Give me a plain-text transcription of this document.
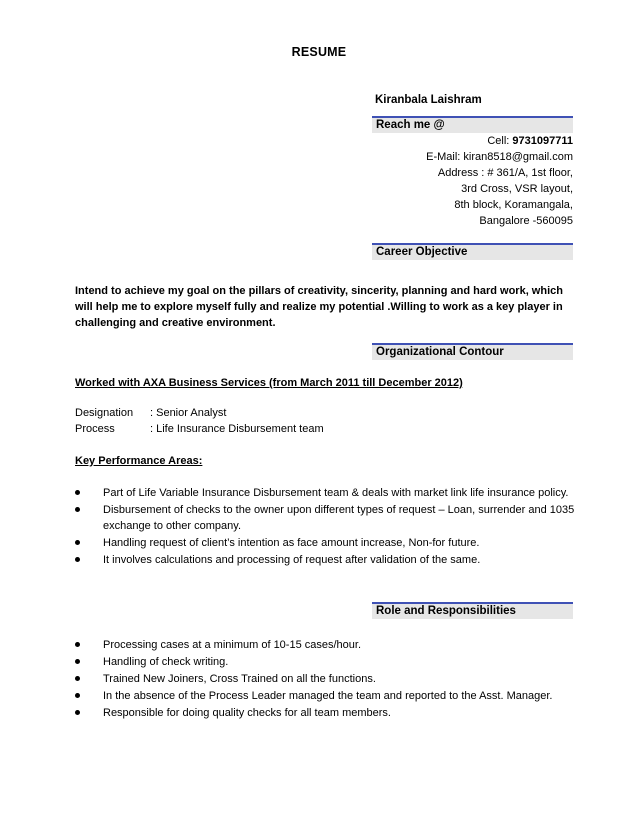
RESUME
Kiranbala Laishram
Reach me @
Cell: 9731097711
E-Mail: kiran8518@gmail.com
Address : # 361/A, 1st floor,
3rd Cross, VSR layout,
8th block, Koramangala,
Bangalore -560095
Career Objective
Intend to achieve my goal on the pillars of creativity, sincerity, planning and hard work, which will help me to explore myself fully and realize my potential .Willing to work as a key player in challenging and creative environment.
Organizational Contour
Worked with AXA Business Services (from March 2011 till December 2012)
Designation : Senior Analyst
Process	: Life Insurance Disbursement team
Key Performance Areas:
Part of Life Variable Insurance Disbursement team & deals with market link life insurance policy.
Disbursement of checks to the owner upon different types of request – Loan, surrender and 1035 exchange to other company.
Handling request of client’s intention as face amount increase, Non-for future.
It involves calculations and processing of request after validation of the same.
Role and Responsibilities
Processing cases at a minimum of 10-15 cases/hour.
Handling of check writing.
Trained New Joiners, Cross Trained on all the functions.
In the absence of the Process Leader managed the team and reported to the Asst. Manager.
Responsible for doing quality checks for all team members.
